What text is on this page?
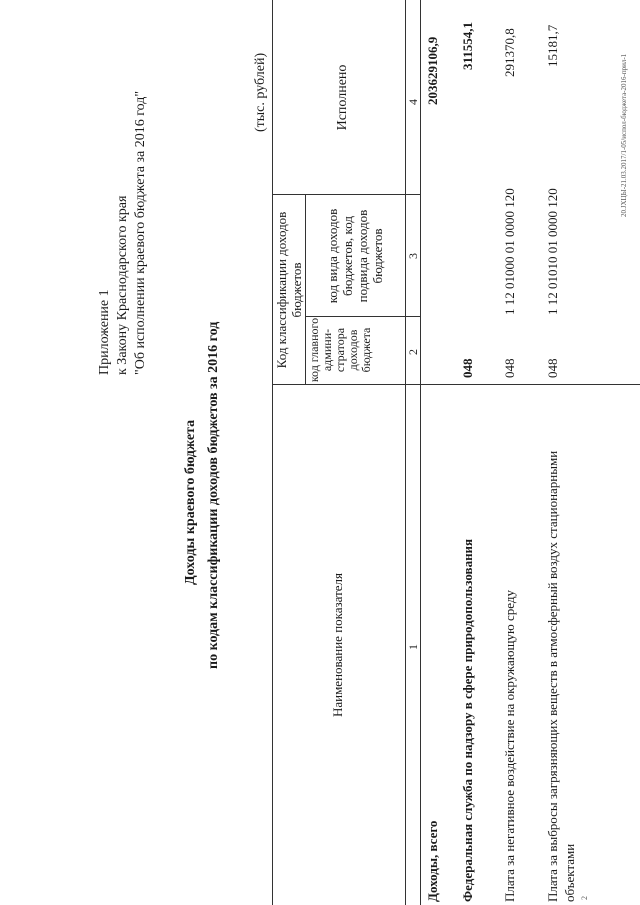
Приложение 1 к Закону Краснодарского края "Об исполнении краевого бюджета за 2016 год"
Доходы краевого бюджета по кодам классификации доходов бюджетов за 2016 год
(тыс. рублей)
Наименование показателя
Код классификации доходов бюджетов
код главного админи-стратора доходов бюджета
код вида доходов бюджетов, код подвида доходов бюджетов
Исполнено
1
2
3
4
Доходы, всего
203629106,9
Федеральная служба по надзору в сфере природопользования
048
311554,1
Плата за негативное воздействие на окружающую среду
048
1 12 01000 01 0000 120
291370,8
Плата за выбросы загрязняющих веществ в атмосферный воздух стационарными объектами
048
1 12 01010 01 0000 120
15181,7
20.JXЦЫ-21.03.2017/1-05/испол-бюджета-2016-прил-1
2
